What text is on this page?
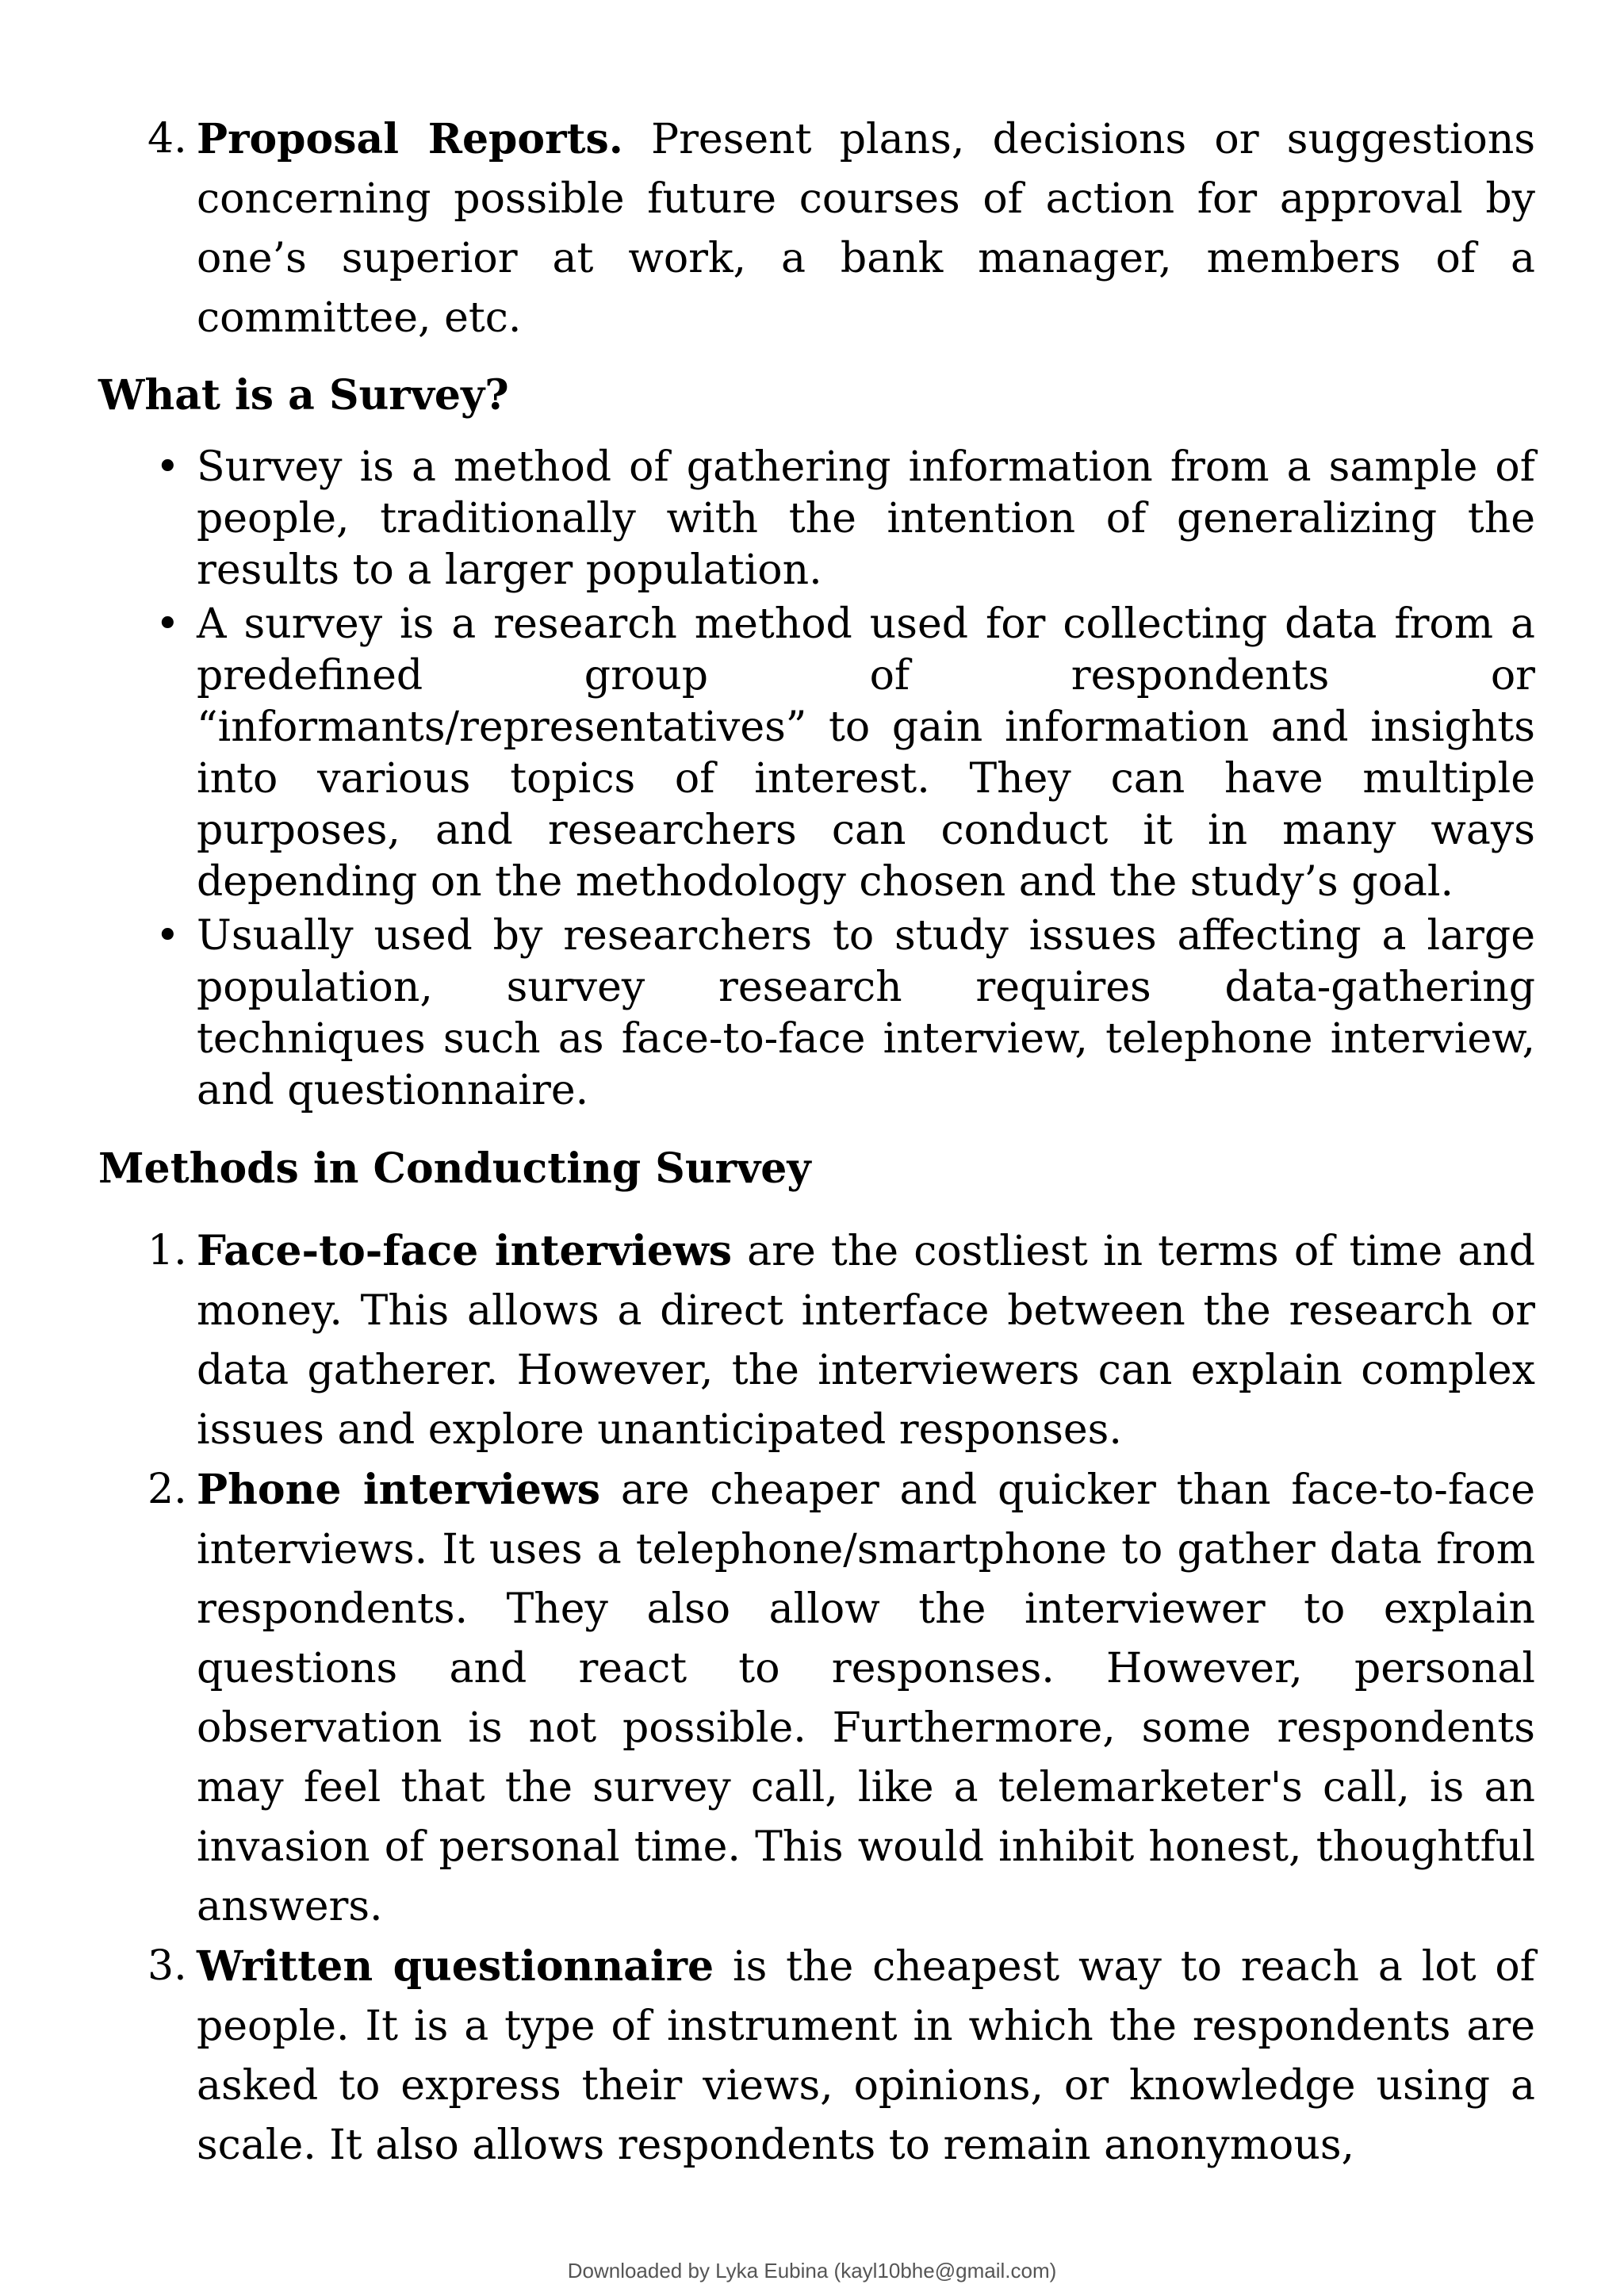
4. Proposal Reports. Present plans, decisions or suggestions concerning possible future courses of action for approval by one’s superior at work, a bank manager, members of a committee, etc.
What is a Survey?
• Survey is a method of gathering information from a sample of people, traditionally with the intention of generalizing the results to a larger population.
• A survey is a research method used for collecting data from a predefined group of respondents or “informants/representatives” to gain information and insights into various topics of interest. They can have multiple purposes, and researchers can conduct it in many ways depending on the methodology chosen and the study’s goal.
• Usually used by researchers to study issues affecting a large population, survey research requires data-gathering techniques such as face-to-face interview, telephone interview, and questionnaire.
Methods in Conducting Survey
1. Face-to-face interviews are the costliest in terms of time and money. This allows a direct interface between the research or data gatherer. However, the interviewers can explain complex issues and explore unanticipated responses.
2. Phone interviews are cheaper and quicker than face-to-face interviews. It uses a telephone/smartphone to gather data from respondents. They also allow the interviewer to explain questions and react to responses. However, personal observation is not possible. Furthermore, some respondents may feel that the survey call, like a telemarketer's call, is an invasion of personal time. This would inhibit honest, thoughtful answers.
3. Written questionnaire is the cheapest way to reach a lot of people. It is a type of instrument in which the respondents are asked to express their views, opinions, or knowledge using a scale. It also allows respondents to remain anonymous,
Downloaded by Lyka Eubina (kayl10bhe@gmail.com)
